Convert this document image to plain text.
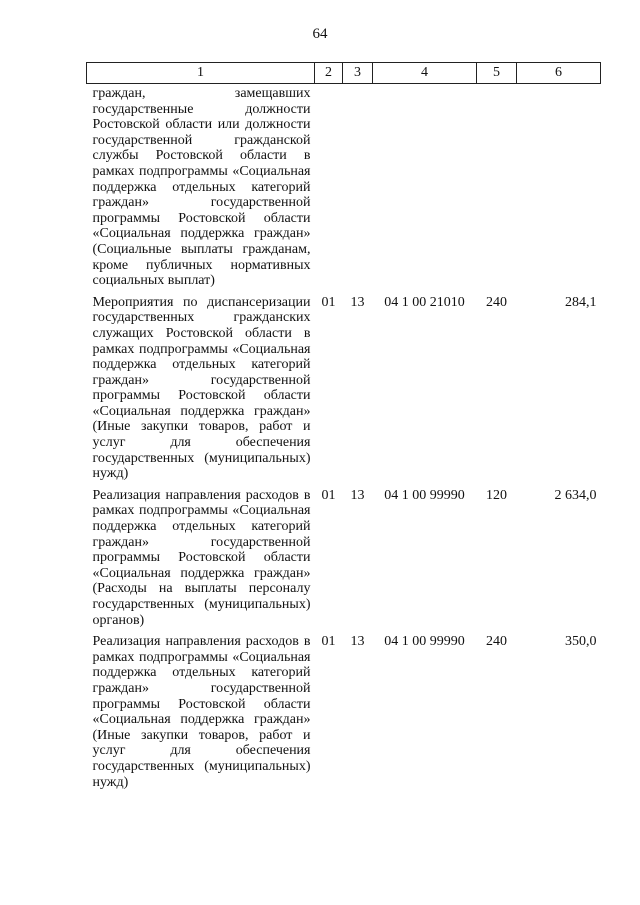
64
1	2	3	4	5	6
граждан, замещавших государственные должности Ростовской области или должности государственной гражданской службы Ростовской области в рамках подпрограммы «Социальная поддержка отдельных категорий граждан» государственной программы Ростовской области «Социальная поддержка граждан» (Социальные выплаты гражданам, кроме публичных нормативных социальных выплат)					
Мероприятия по диспансеризации государственных гражданских служащих Ростовской области в рамках подпрограммы «Социальная поддержка отдельных категорий граждан» государственной программы Ростовской области «Социальная поддержка граждан» (Иные закупки товаров, работ и услуг для обеспечения государственных (муниципальных) нужд)	01	13	04 1 00 21010	240	284,1
Реализация направления расходов в рамках подпрограммы «Социальная поддержка отдельных категорий граждан» государственной программы Ростовской области «Социальная поддержка граждан» (Расходы на выплаты персоналу государственных (муниципальных) органов)	01	13	04 1 00 99990	120	2 634,0
Реализация направления расходов в рамках подпрограммы «Социальная поддержка отдельных категорий граждан» государственной программы Ростовской области «Социальная поддержка граждан» (Иные закупки товаров, работ и услуг для обеспечения государственных (муниципальных) нужд)	01	13	04 1 00 99990	240	350,0
